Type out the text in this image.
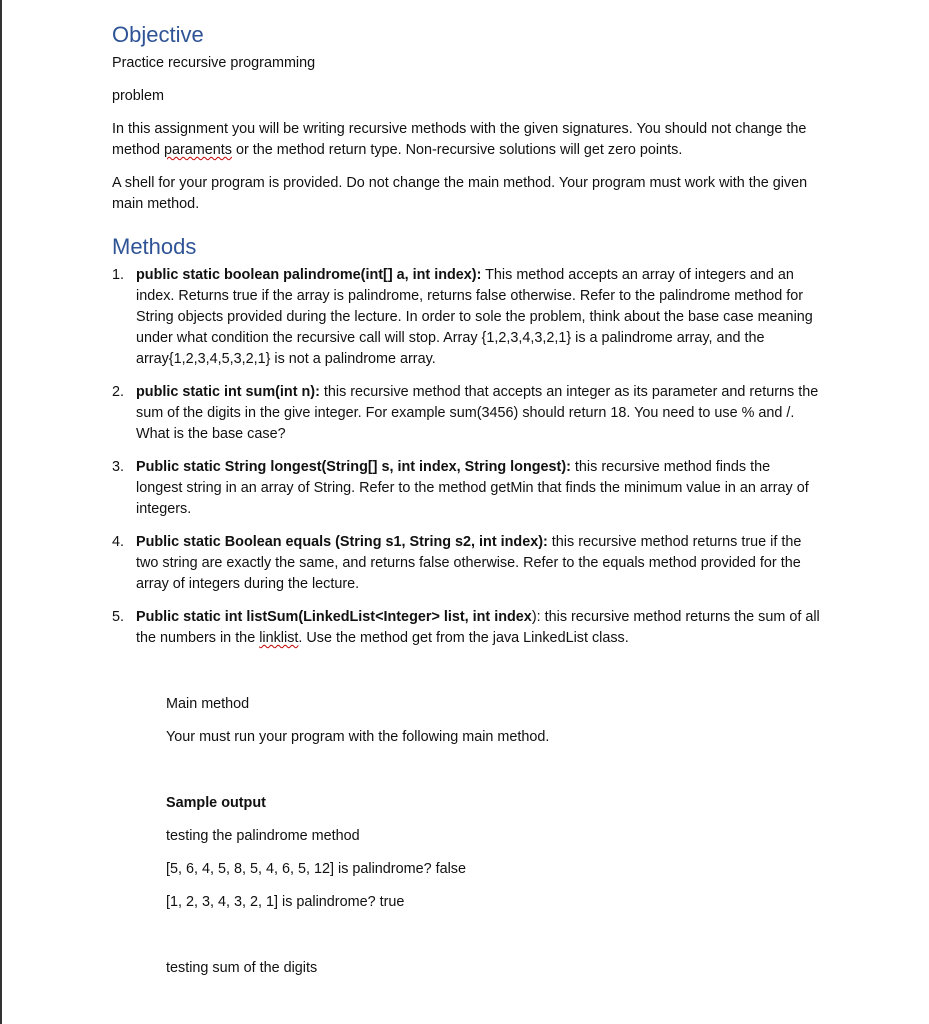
Objective

Practice recursive programming

problem

In this assignment you will be writing recursive methods with the given signatures. You should not change the method paraments or the method return type. Non-recursive solutions will get zero points.

A shell for your program is provided. Do not change the main method. Your program must work with the given main method.

Methods
1. public static boolean palindrome(int[] a, int index): This method accepts an array of integers and an index. Returns true if the array is palindrome, returns false otherwise. Refer to the palindrome method for String objects provided during the lecture. In order to sole the problem, think about the base case meaning under what condition the recursive call will stop. Array {1,2,3,4,3,2,1} is a palindrome array, and the array{1,2,3,4,5,3,2,1} is not a palindrome array.
2. public static int sum(int n): this recursive method that accepts an integer as its parameter and returns the sum of the digits in the give integer. For example sum(3456) should return 18. You need to use % and /. What is the base case?
3. Public static String longest(String[] s, int index, String longest): this recursive method finds the longest string in an array of String. Refer to the method getMin that finds the minimum value in an array of integers.
4. Public static Boolean equals (String s1, String s2, int index): this recursive method returns true if the two string are exactly the same, and returns false otherwise. Refer to the equals method provided for the array of integers during the lecture.
5. Public static int listSum(LinkedList<Integer> list, int index): this recursive method returns the sum of all the numbers in the linklist. Use the method get from the java LinkedList class.

Main method

Your must run your program with the following main method.

Sample output

testing the palindrome method

[5, 6, 4, 5, 8, 5, 4, 6, 5, 12] is palindrome? false

[1, 2, 3, 4, 3, 2, 1] is palindrome? true

testing sum of the digits
